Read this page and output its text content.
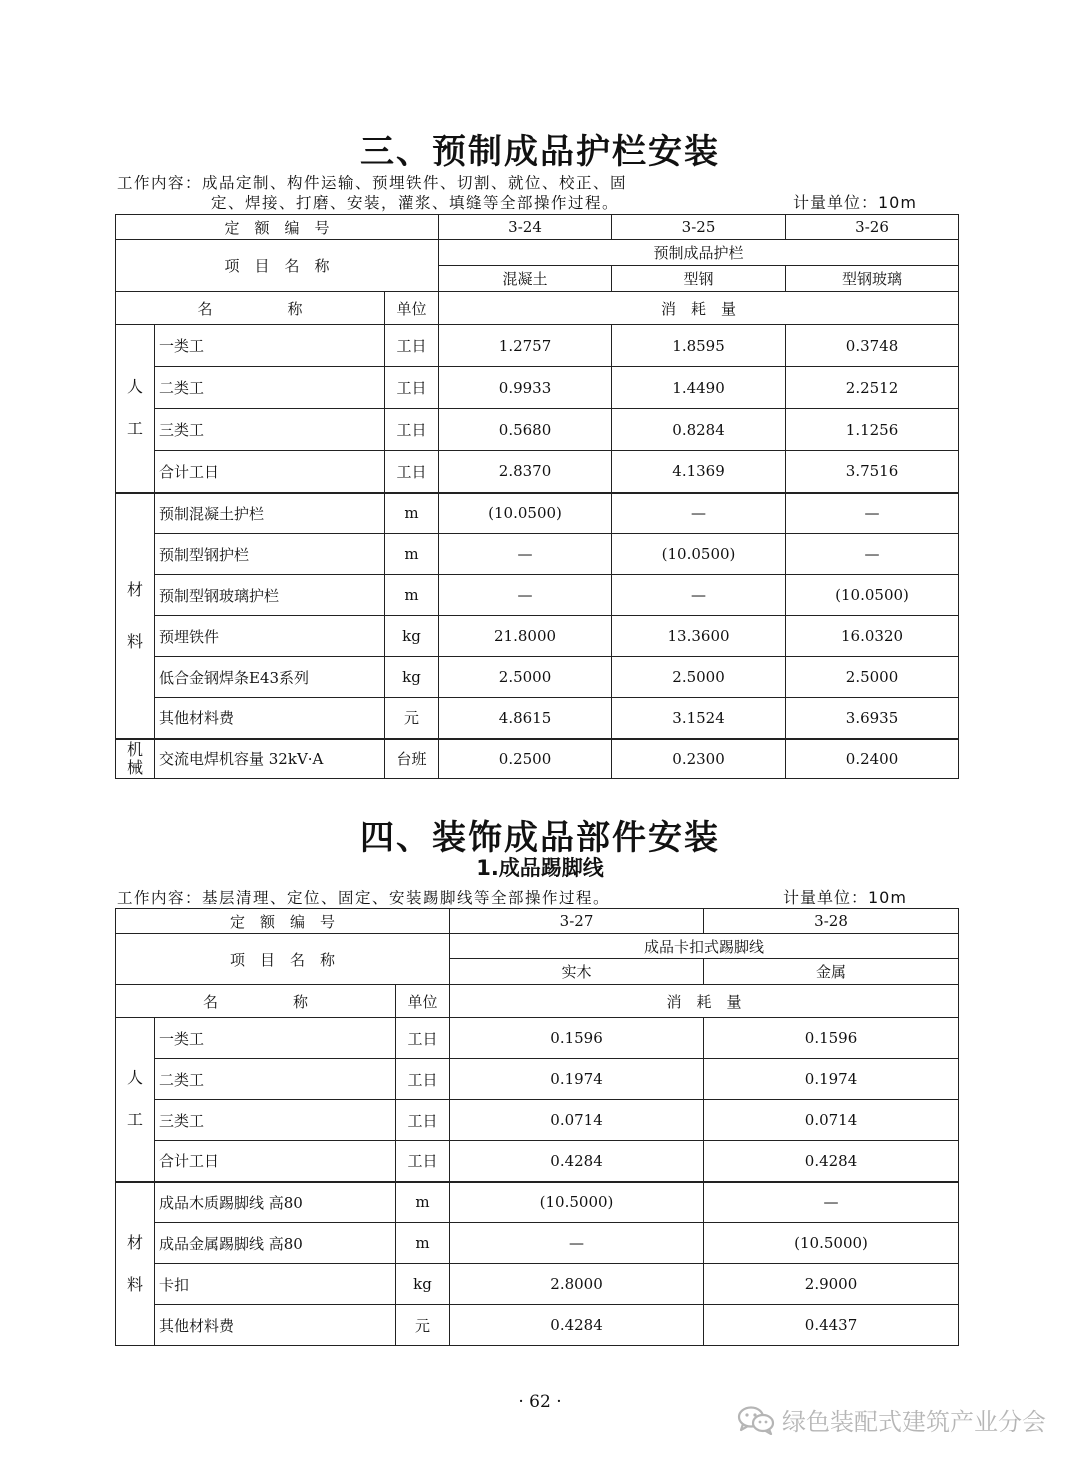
三、预制成品护栏安装
工作内容：成品定制、构件运输、预埋铁件、切割、就位、校正、固
定、焊接、打磨、安装，灌浆、填缝等全部操作过程。	计量单位：10m
定　额　编　号			3-24	3-25	3-26
项　目　名　称			预制成品护栏		
			混凝土	型钢	型钢玻璃
名　　　　　称		单位	消　耗　量		
人
工	一类工	工日	1.2757	1.8595	0.3748
	二类工	工日	0.9933	1.4490	2.2512
	三类工	工日	0.5680	0.8284	1.1256
	合计工日	工日	2.8370	4.1369	3.7516
材

料	预制混凝土护栏	m	(10.0500)	—	—
	预制型钢护栏	m	—	(10.0500)	—
	预制型钢玻璃护栏	m	—	—	(10.0500)
	预埋铁件	kg	21.8000	13.3600	16.0320
	低合金钢焊条E43系列	kg	2.5000	2.5000	2.5000
	其他材料费	元	4.8615	3.1524	3.6935
机
械	交流电焊机容量 32kV·A	台班	0.2500	0.2300	0.2400
四、装饰成品部件安装
1.成品踢脚线
工作内容：基层清理、定位、固定、安装踢脚线等全部操作过程。	计量单位：10m
定　额　编　号			3-27	3-28
项　目　名　称			成品卡扣式踢脚线	
			实木	金属
名　　　　　称		单位	消　耗　量	
人
工	一类工	工日	0.1596	0.1596
	二类工	工日	0.1974	0.1974
	三类工	工日	0.0714	0.0714
	合计工日	工日	0.4284	0.4284
材
料	成品木质踢脚线 高80	m	(10.5000)	—
	成品金属踢脚线 高80	m	—	(10.5000)
	卡扣	kg	2.8000	2.9000
	其他材料费	元	0.4284	0.4437
· 62 ·
绿色装配式建筑产业分会
